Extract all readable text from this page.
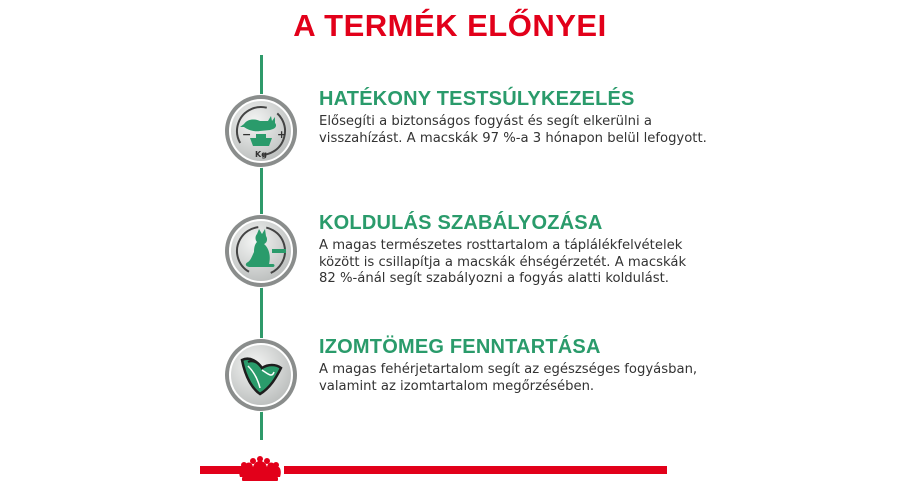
A TERMÉK ELŐNYEI
− +
Kg
HATÉKONY TESTSÚLYKEZELÉS

Elősegíti a biztonságos fogyást és segít elkerülni a
visszahízást. A macskák 97 %-a 3 hónapon belül lefogyott.

KOLDULÁS SZABÁLYOZÁSA

A magas természetes rosttartalom a táplálékfelvételek
között is csillapítja a macskák éhségérzetét. A macskák
82 %-ánál segít szabályozni a fogyás alatti koldulást.

IZOMTÖMEG FENNTARTÁSA

A magas fehérjetartalom segít az egészséges fogyásban,
valamint az izomtartalom megőrzésében.
